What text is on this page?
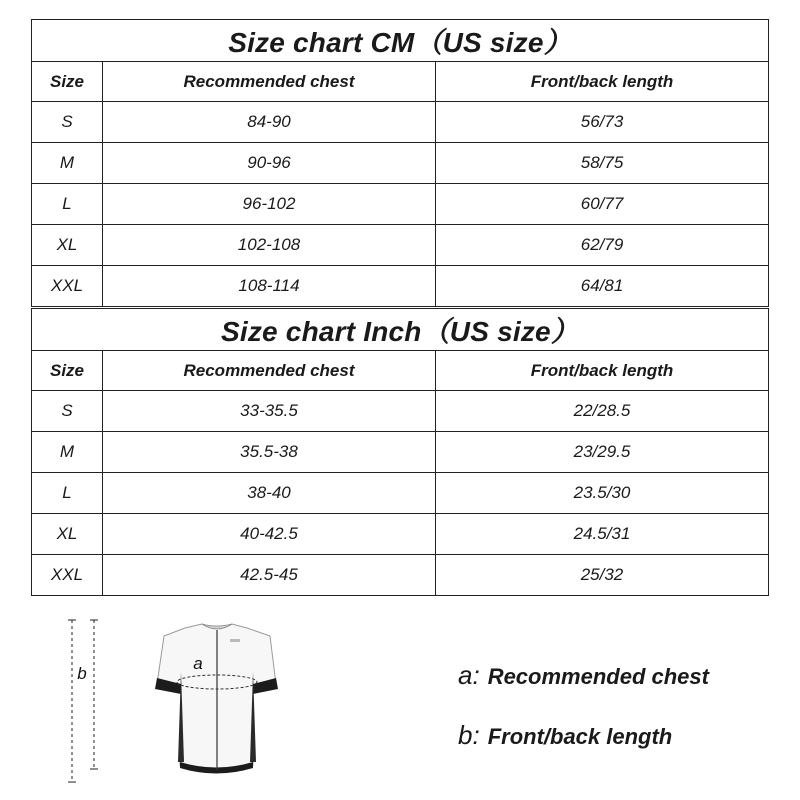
Size chart CM（US size）		
Size	Recommended chest	Front/back length
S	84-90	56/73
M	90-96	58/75
L	96-102	60/77
XL	102-108	62/79
XXL	108-114	64/81
Size chart Inch（US size）		
Size	Recommended chest	Front/back length
S	33-35.5	22/28.5
M	35.5-38	23/29.5
L	38-40	23.5/30
XL	40-42.5	24.5/31
XXL	42.5-45	25/32
b
a	a: Recommended chest
b: Front/back length
